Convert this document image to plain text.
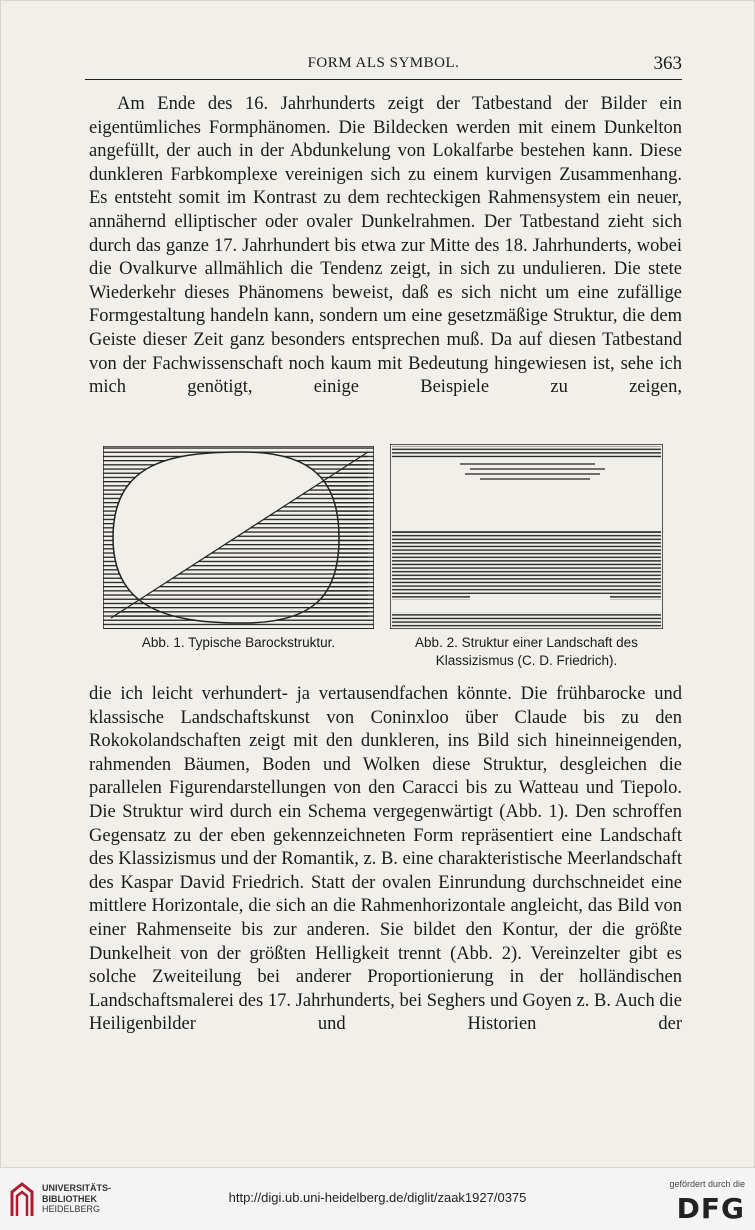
FORM ALS SYMBOL.	363

Am Ende des 16. Jahrhunderts zeigt der Tatbestand der Bilder ein eigentümliches Formphänomen. Die Bildecken werden mit einem Dunkelton angefüllt, der auch in der Abdunkelung von Lokalfarbe bestehen kann. Diese dunkleren Farbkomplexe vereinigen sich zu einem kurvigen Zusammenhang. Es entsteht somit im Kontrast zu dem rechteckigen Rahmensystem ein neuer, annähernd elliptischer oder ovaler Dunkelrahmen. Der Tatbestand zieht sich durch das ganze 17. Jahrhundert bis etwa zur Mitte des 18. Jahrhunderts, wobei die Ovalkurve allmählich die Tendenz zeigt, in sich zu undulieren. Die stete Wiederkehr dieses Phänomens beweist, daß es sich nicht um eine zufällige Formgestaltung handeln kann, sondern um eine gesetzmäßige Struktur, die dem Geiste dieser Zeit ganz besonders entsprechen muß. Da auf diesen Tatbestand von der Fachwissenschaft noch kaum mit Bedeutung hingewiesen ist, sehe ich mich genötigt, einige Beispiele zu zeigen,

Abb. 1. Typische Barockstruktur.	Abb. 2. Struktur einer Landschaft des
Klassizismus (C. D. Friedrich).

die ich leicht verhundert- ja vertausendfachen könnte. Die frühbarocke und klassische Landschaftskunst von Coninxloo über Claude bis zu den Rokokolandschaften zeigt mit den dunkleren, ins Bild sich hineinneigenden, rahmenden Bäumen, Boden und Wolken diese Struktur, desgleichen die parallelen Figurendarstellungen von den Caracci bis zu Watteau und Tiepolo. Die Struktur wird durch ein Schema vergegenwärtigt (Abb. 1). Den schroffen Gegensatz zu der eben gekennzeichneten Form repräsentiert eine Landschaft des Klassizismus und der Romantik, z. B. eine charakteristische Meerlandschaft des Kaspar David Friedrich. Statt der ovalen Einrundung durchschneidet eine mittlere Horizontale, die sich an die Rahmenhorizontale angleicht, das Bild von einer Rahmenseite bis zur anderen. Sie bildet den Kontur, der die größte Dunkelheit von der größten Helligkeit trennt (Abb. 2). Vereinzelter gibt es solche Zweiteilung bei anderer Proportionierung in der holländischen Landschaftsmalerei des 17. Jahrhunderts, bei Seghers und Goyen z. B. Auch die Heiligenbilder und Historien der

UNIVERSITÄTS-
BIBLIOTHEK
HEIDELBERG
http://digi.ub.uni-heidelberg.de/diglit/zaak1927/0375
gefördert durch die
DFG
